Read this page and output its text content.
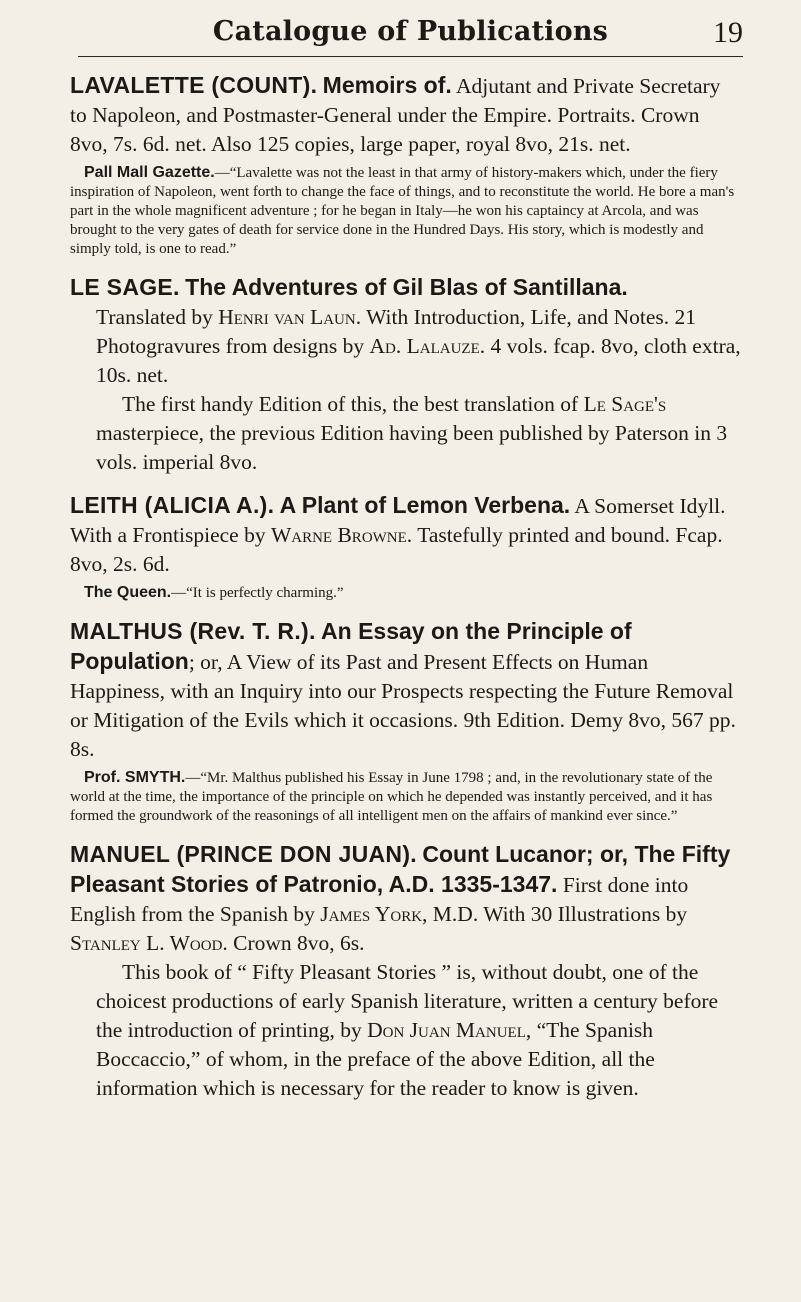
Catalogue of Publications	19

LAVALETTE (COUNT). Memoirs of. Adjutant and Private Secretary to Napoleon, and Postmaster-General under the Empire. Portraits. Crown 8vo, 7s. 6d. net. Also 125 copies, large paper, royal 8vo, 21s. net.

Pall Mall Gazette.—“Lavalette was not the least in that army of history-makers which, under the fiery inspiration of Napoleon, went forth to change the face of things, and to reconstitute the world. He bore a man's part in the whole magnificent adventure ; for he began in Italy—he won his captaincy at Arcola, and was brought to the very gates of death for service done in the Hundred Days. His story, which is modestly and simply told, is one to read.”

LE SAGE. The Adventures of Gil Blas of Santillana.

Translated by Henri van Laun. With Introduction, Life, and Notes. 21 Photogravures from designs by Ad. Lalauze. 4 vols. fcap. 8vo, cloth extra, 10s. net.

The first handy Edition of this, the best translation of Le Sage's masterpiece, the previous Edition having been published by Paterson in 3 vols. imperial 8vo.

LEITH (ALICIA A.). A Plant of Lemon Verbena. A Somerset Idyll. With a Frontispiece by Warne Browne. Tastefully printed and bound. Fcap. 8vo, 2s. 6d.

The Queen.—“It is perfectly charming.”

MALTHUS (Rev. T. R.). An Essay on the Principle of Population; or, A View of its Past and Present Effects on Human Happiness, with an Inquiry into our Prospects respecting the Future Removal or Mitigation of the Evils which it occasions. 9th Edition. Demy 8vo, 567 pp. 8s.

Prof. SMYTH.—“Mr. Malthus published his Essay in June 1798 ; and, in the revolutionary state of the world at the time, the importance of the principle on which he depended was instantly perceived, and it has formed the groundwork of the reasonings of all intelligent men on the affairs of mankind ever since.”

MANUEL (PRINCE DON JUAN). Count Lucanor; or, The Fifty Pleasant Stories of Patronio, A.D. 1335-1347. First done into English from the Spanish by James York, M.D. With 30 Illustrations by Stanley L. Wood. Crown 8vo, 6s.

This book of “ Fifty Pleasant Stories ” is, without doubt, one of the choicest productions of early Spanish literature, written a century before the introduction of printing, by Don Juan Manuel, “The Spanish Boccaccio,” of whom, in the preface of the above Edition, all the information which is necessary for the reader to know is given.
